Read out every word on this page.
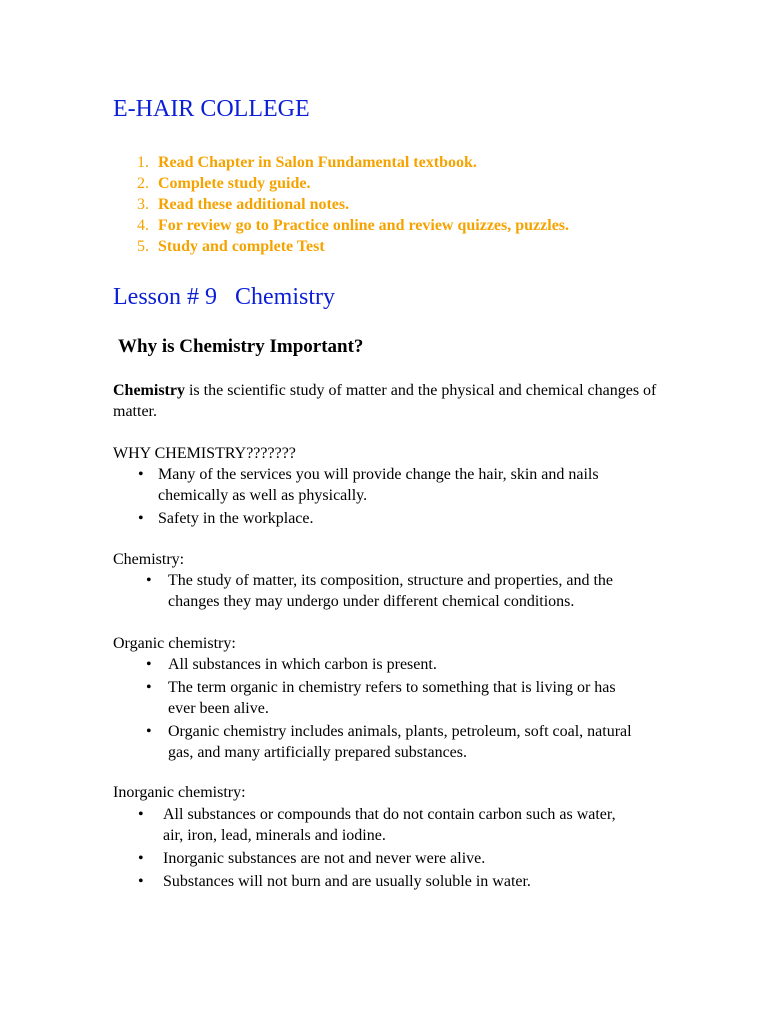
E-HAIR COLLEGE
1. Read Chapter in Salon Fundamental textbook.
2. Complete study guide.
3. Read these additional notes.
4. For review go to Practice online and review quizzes, puzzles.
5. Study and complete Test
Lesson # 9   Chemistry
Why is Chemistry Important?

Chemistry is the scientific study of matter and the physical and chemical changes of matter.

WHY CHEMISTRY???????

• Many of the services you will provide change the hair, skin and nails chemically as well as physically.
• Safety in the workplace.

Chemistry:

• The study of matter, its composition, structure and properties, and the changes they may undergo under different chemical conditions.

Organic chemistry:

• All substances in which carbon is present.
• The term organic in chemistry refers to something that is living or has ever been alive.
• Organic chemistry includes animals, plants, petroleum, soft coal, natural gas, and many artificially prepared substances.

Inorganic chemistry:

• All substances or compounds that do not contain carbon such as water, air, iron, lead, minerals and iodine.
• Inorganic substances are not and never were alive.
• Substances will not burn and are usually soluble in water.
